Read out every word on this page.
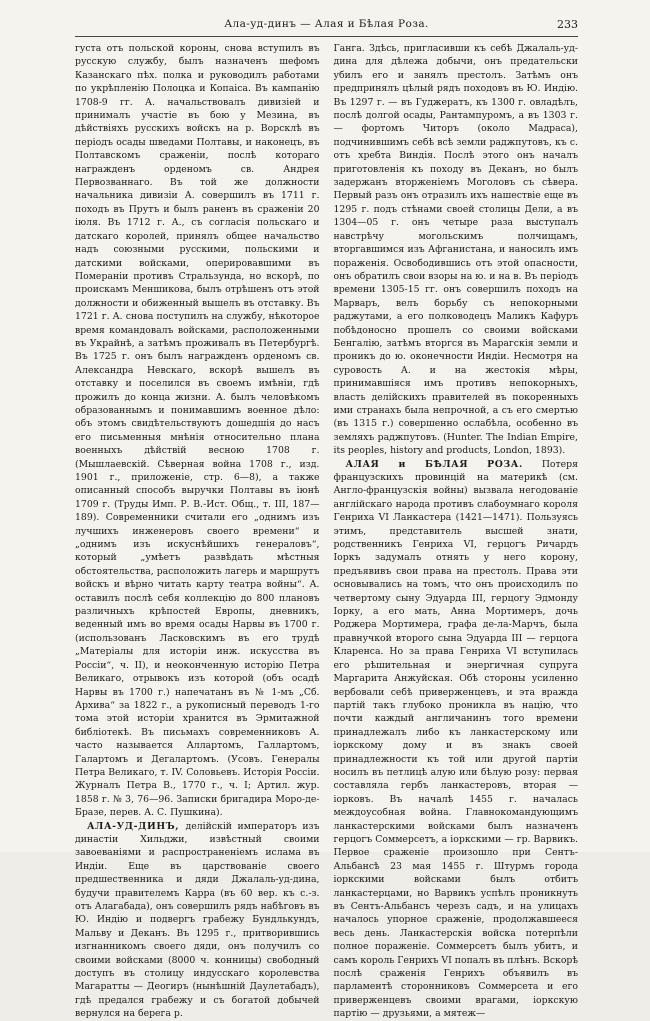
Ала-уд-динъ — Алая и Бѣлая Роза.	233

густа отъ польской короны, снова вступилъ въ русскую службу, былъ назначенъ шефомъ Казанскаго пѣх. полка и руководилъ работами по укрѣпленію Полоцка и Копаіса. Въ кампанію 1708-9 гг. А. начальствовалъ дивизіей и принималъ участіе въ бою у Мезина, въ дѣйствіяхъ русскихъ войскъ на р. Ворсклѣ въ періодъ осады шведами Полтавы, и наконецъ, въ Полтавскомъ сраженіи, послѣ котораго награжденъ орденомъ св. Андрея Первозваннаго. Въ той же должности начальника дивизіи А. совершилъ въ 1711 г. походъ въ Прутъ и былъ раненъ въ сраженіи 20 іюля. Въ 1712 г. А., съ согласія польскаго и датскаго королей, принялъ общее начальство надъ союзными русскими, польскими и датскими войсками, оперировавшими въ Помераніи противъ Стральзунда, но вскорѣ, по проискамъ Меншикова, былъ отрѣшенъ отъ этой должности и обиженный вышелъ въ отставку. Въ 1721 г. А. снова поступилъ на службу, нѣкоторое время командовалъ войсками, расположенными въ Украйнѣ, а затѣмъ проживалъ въ Петербургѣ. Въ 1725 г. онъ былъ награжденъ орденомъ св. Александра Невскаго, вскорѣ вышелъ въ отставку и поселился въ своемъ имѣніи, гдѣ прожилъ до конца жизни. А. былъ человѣкомъ образованнымъ и понимавшимъ военное дѣло: объ этомъ свидѣтельствуютъ дошедшія до насъ его письменныя мнѣнія относительно плана военныхъ дѣйствій весною 1708 г. (Мышлаевскій. Сѣверная война 1708 г., изд. 1901 г., приложеніе, стр. 6—8), а также описанный способъ выручки Полтавы въ іюнѣ 1709 г. (Труды Имп. Р. В.-Ист. Общ., т. III, 187—189). Современники считали его „однимъ изъ лучшихъ инженеровъ своего времени“ и „однимъ изъ искуснѣйшихъ генераловъ“, который „умѣетъ развѣдать мѣстныя обстоятельства, расположить лагерь и маршрутъ войскъ и вѣрно читать карту театра войны“. А. оставилъ послѣ себя коллекцію до 800 плановъ различныхъ крѣпостей Европы, дневникъ, веденный имъ во время осады Нарвы въ 1700 г. (использованъ Ласковскимъ въ его трудѣ „Матеріалы для исторіи инж. искусства въ Россіи“, ч. II), и неоконченную исторію Петра Великаго, отрывокъ изъ которой (объ осадѣ Нарвы въ 1700 г.) напечатанъ въ № 1-мъ „Сб. Архива“ за 1822 г., а рукописный переводъ 1-го тома этой исторіи хранится въ Эрмитажной библіотекѣ. Въ письмахъ современниковъ А. часто называется Аллартомъ, Галлартомъ, Галартомъ и Дегалартомъ. (Усовъ. Генералы Петра Великаго, т. IV. Соловьевъ. Исторія Россіи. Журналъ Петра В., 1770 г., ч. I; Артил. жур. 1858 г. № 3, 76—96. Записки бригадира Моро-де-Бразе, перев. А. С. Пушкина).

АЛА-УД-ДИНЪ, делійскій императоръ изъ династіи Хильджи, извѣстный своими завоеваніями и распространеніемъ ислама въ Индіи. Еще въ царствованіе своего предшественника и дяди Джалаль-уд-дина, будучи правителемъ Карра (въ 60 вер. къ с.-з. отъ Алагабада), онъ совершилъ рядъ набѣговъ въ Ю. Индію и подвергъ грабежу Бундлькундъ, Мальву и Деканъ. Въ 1295 г., притворившись изгнанникомъ своего дяди, онъ получилъ со своими войсками (8000 ч. конницы) свободный доступъ въ столицу индусскаго королевства Магаратты — Деогиръ (нынѣшній Даулетабадъ), гдѣ предался грабежу и съ богатой добычей вернулся на берега р.

Ганга. Здѣсь, пригласивши къ себѣ Джалаль-уд-дина для дѣлежа добычи, онъ предательски убилъ его и занялъ престолъ. Затѣмъ онъ предпринялъ цѣлый рядъ походовъ въ Ю. Индію. Въ 1297 г. — въ Гуджератъ, къ 1300 г. овладѣлъ, послѣ долгой осады, Рантампуромъ, а въ 1303 г. — фортомъ Читоръ (около Мадраса), подчинившимъ себѣ всѣ земли раджпутовъ, къ с. отъ хребта Виндія. Послѣ этого онъ началъ приготовленія къ походу въ Деканъ, но былъ задержанъ вторженіемъ Моголовъ съ сѣвера. Первый разъ онъ отразилъ ихъ нашествіе еще въ 1295 г. подъ стѣнами своей столицы Дели, а въ 1304—05 г. онъ четыре раза выступалъ навстрѣчу могольскимъ полчищамъ, вторгавшимся изъ Афганистана, и наносилъ имъ пораженія. Освободившись отъ этой опасности, онъ обратилъ свои взоры на ю. и на в. Въ періодъ времени 1305-15 гг. онъ совершилъ походъ на Марваръ, велъ борьбу съ непокорными раджутами, а его полководецъ Маликъ Кафуръ побѣдоносно прошелъ со своими войсками Бенгалію, затѣмъ вторгся въ Марагскія земли и проникъ до ю. оконечности Индіи. Несмотря на суровость А. и на жестокія мѣры, принимавшіяся имъ противъ непокорныхъ, власть делійскихъ правителей въ покоренныхъ ими странахъ была непрочной, а съ его смертью (въ 1315 г.) совершенно ослабѣла, особенно въ земляхъ раджпутовъ. (Hunter. The Indian Empire, its peoples, history and products, London, 1893).

АЛАЯ и БѢЛАЯ РОЗА. Потеря французскихъ провинцій на материкѣ (см. Англо-французскія войны) вызвала негодованіе англійскаго народа противъ слабоумнаго короля Генриха VI Ланкастера (1421—1471). Пользуясь этимъ, представитель высшей знати, родственникъ Генриха VI, герцогъ Ричардъ Іоркъ задумалъ отнять у него корону, предъявивъ свои права на престолъ. Права эти основывались на томъ, что онъ происходилъ по четвертому сыну Эдуарда III, герцогу Эдмонду Іорку, а его мать, Анна Мортимеръ, дочь Роджера Мортимера, графа де-ла-Марчъ, была правнучкой второго сына Эдуарда III — герцога Кларенса. Но за права Генриха VI вступилась его рѣшительная и энергичная супруга Маргарита Анжуйская. Обѣ стороны усиленно вербовали себѣ приверженцевъ, и эта вражда партій такъ глубоко проникла въ націю, что почти каждый англичанинъ того времени принадлежалъ либо къ ланкастерскому или іоркскому дому и въ знакъ своей принадлежности къ той или другой партіи носилъ въ петлицѣ алую или бѣлую розу: первая составляла гербъ ланкастеровъ, вторая — іорковъ. Въ началѣ 1455 г. началась междоусобная война. Главнокомандующимъ ланкастерскими войсками былъ назначенъ герцогъ Соммерсетъ, а іоркскими — гр. Варвикъ. Первое сраженіе произошло при Сентъ-Альбансѣ 23 мая 1455 г. Штурмъ города іоркскими войсками былъ отбитъ ланкастерцами, но Варвикъ успѣлъ проникнуть въ Сентъ-Альбансъ черезъ садъ, и на улицахъ началось упорное сраженіе, продолжавшееся весь день. Ланкастерскія войска потерпѣли полное пораженіе. Соммерсетъ былъ убитъ, и самъ король Генрихъ VI попалъ въ плѣнъ. Вскорѣ послѣ сраженія Генрихъ объявилъ въ парламентѣ сторонниковъ Соммерсета и его приверженцевъ своими врагами, іоркскую партію — друзьями, а мятеж—
